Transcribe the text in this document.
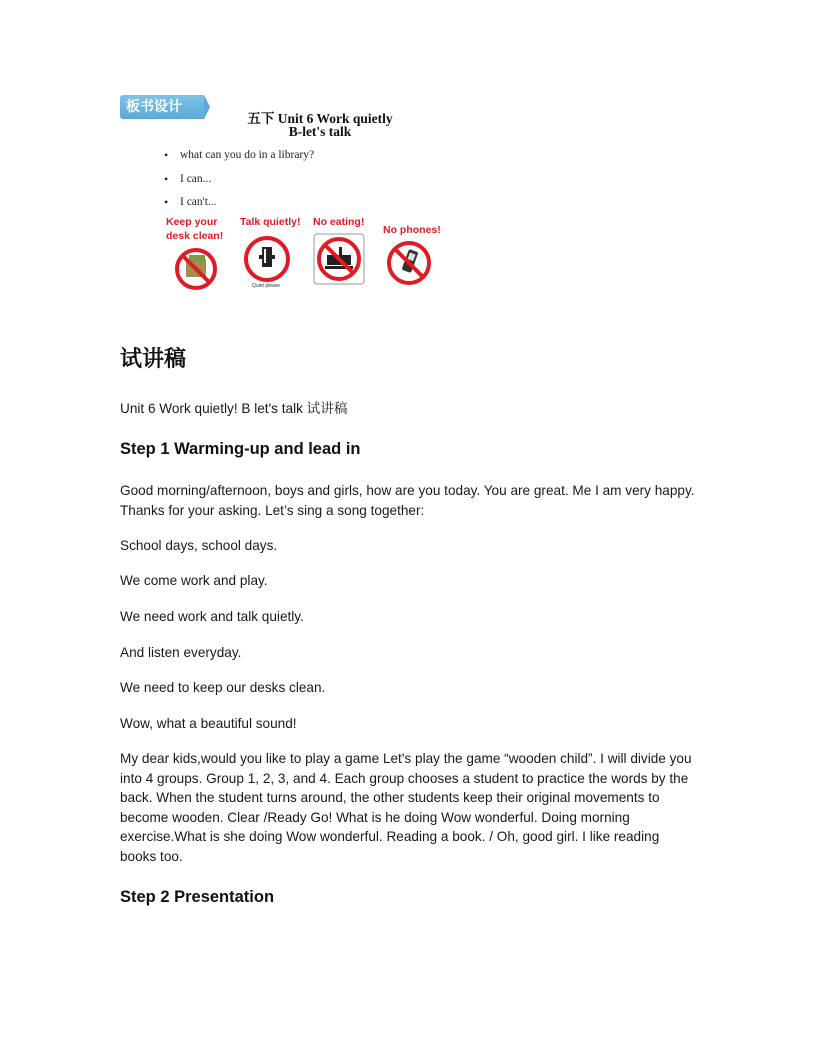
板书设计
五下 Unit 6 Work quietly
B-let's talk
• what can you do in a library?
• I can...
• I can't...
Keep your
desk clean!
Talk quietly!
Quiet please
No eating!
No phones!
试讲稿

Unit 6 Work quietly! B let's talk 试讲稿

Step 1 Warming-up and lead in

Good morning/afternoon, boys and girls, how are you today. You are great. Me I am very happy. Thanks for your asking. Let’s sing a song together:

School days, school days.

We come work and play.

We need work and talk quietly.

And listen everyday.

We need to keep our desks clean.

Wow, what a beautiful sound!

My dear kids,would you like to play a game Let's play the game “wooden child”. I will divide you into 4 groups. Group 1, 2, 3, and 4. Each group chooses a student to practice the words by the back. When the student turns around, the other students keep their original movements to become wooden. Clear /Ready Go! What is he doing Wow wonderful. Doing morning exercise.What is she doing Wow wonderful. Reading a book. / Oh, good girl. I like reading books too.

Step 2 Presentation
